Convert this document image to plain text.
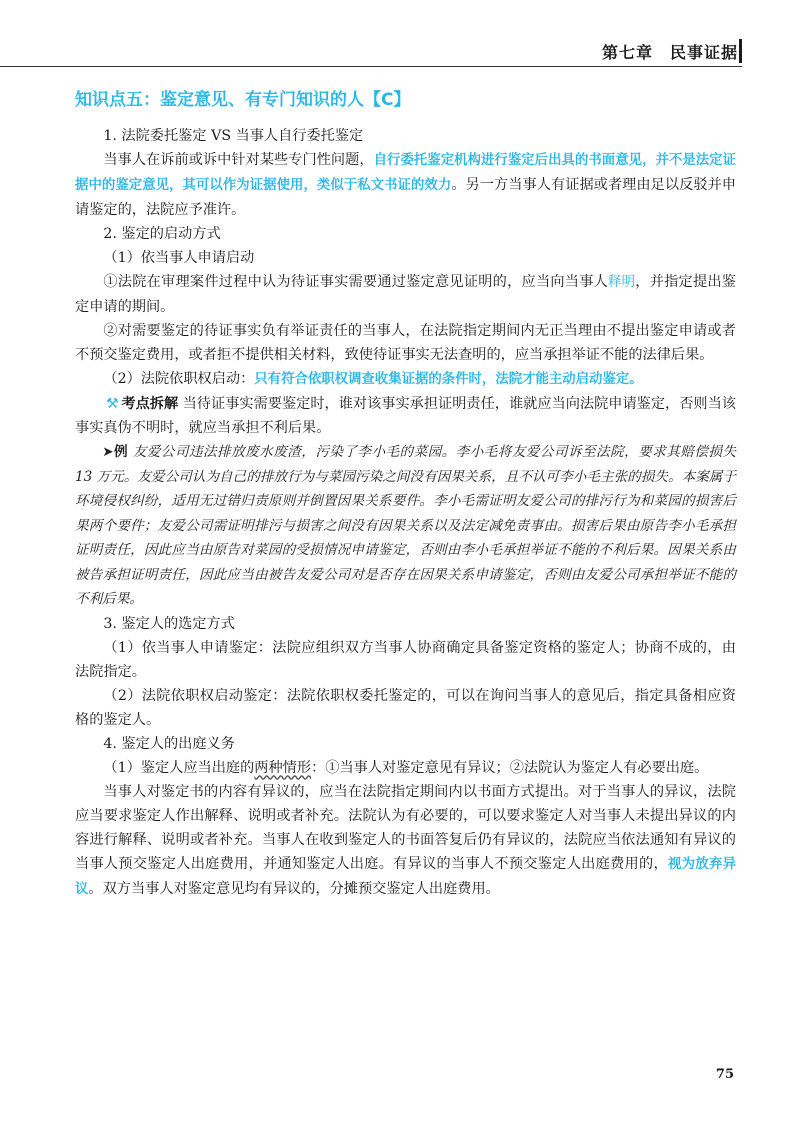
第七章　民事证据
知识点五：鉴定意见、有专门知识的人【C】

1. 法院委托鉴定 VS 当事人自行委托鉴定

当事人在诉前或诉中针对某些专门性问题，自行委托鉴定机构进行鉴定后出具的书面意见，并不是法定证据中的鉴定意见，其可以作为证据使用，类似于私文书证的效力。另一方当事人有证据或者理由足以反驳并申请鉴定的，法院应予准许。

2. 鉴定的启动方式

（1）依当事人申请启动

①法院在审理案件过程中认为待证事实需要通过鉴定意见证明的，应当向当事人释明，并指定提出鉴定申请的期间。

②对需要鉴定的待证事实负有举证责任的当事人，在法院指定期间内无正当理由不提出鉴定申请或者不预交鉴定费用，或者拒不提供相关材料，致使待证事实无法查明的，应当承担举证不能的法律后果。

（2）法院依职权启动：只有符合依职权调查收集证据的条件时，法院才能主动启动鉴定。

⚒ 考点拆解 当待证事实需要鉴定时，谁对该事实承担证明责任，谁就应当向法院申请鉴定，否则当该事实真伪不明时，就应当承担不利后果。

➤例 友爱公司违法排放废水废渣，污染了李小毛的菜园。李小毛将友爱公司诉至法院，要求其赔偿损失 13 万元。友爱公司认为自己的排放行为与菜园污染之间没有因果关系，且不认可李小毛主张的损失。本案属于环境侵权纠纷，适用无过错归责原则并倒置因果关系要件。李小毛需证明友爱公司的排污行为和菜园的损害后果两个要件；友爱公司需证明排污与损害之间没有因果关系以及法定减免责事由。损害后果由原告李小毛承担证明责任，因此应当由原告对菜园的受损情况申请鉴定，否则由李小毛承担举证不能的不利后果。因果关系由被告承担证明责任，因此应当由被告友爱公司对是否存在因果关系申请鉴定，否则由友爱公司承担举证不能的不利后果。

3. 鉴定人的选定方式

（1）依当事人申请鉴定：法院应组织双方当事人协商确定具备鉴定资格的鉴定人；协商不成的，由法院指定。

（2）法院依职权启动鉴定：法院依职权委托鉴定的，可以在询问当事人的意见后，指定具备相应资格的鉴定人。

4. 鉴定人的出庭义务

（1）鉴定人应当出庭的两种情形：①当事人对鉴定意见有异议；②法院认为鉴定人有必要出庭。

当事人对鉴定书的内容有异议的，应当在法院指定期间内以书面方式提出。对于当事人的异议，法院应当要求鉴定人作出解释、说明或者补充。法院认为有必要的，可以要求鉴定人对当事人未提出异议的内容进行解释、说明或者补充。当事人在收到鉴定人的书面答复后仍有异议的，法院应当依法通知有异议的当事人预交鉴定人出庭费用，并通知鉴定人出庭。有异议的当事人不预交鉴定人出庭费用的，视为放弃异议。双方当事人对鉴定意见均有异议的，分摊预交鉴定人出庭费用。

75
